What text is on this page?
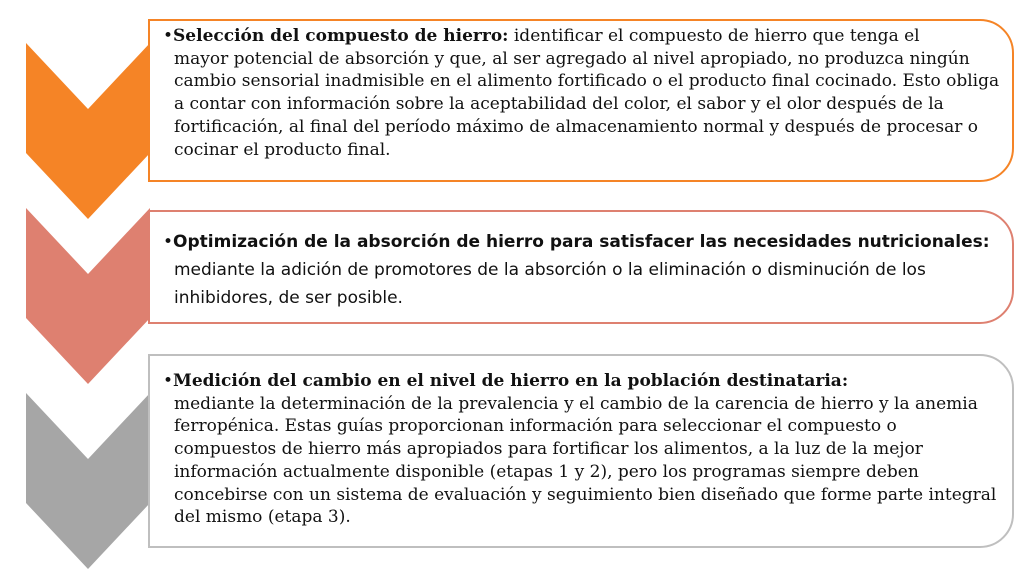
•Selección del compuesto de hierro: identificar el compuesto de hierro que tenga el
mayor potencial de absorción y que, al ser agregado al nivel apropiado, no produzca ningún cambio sensorial inadmisible en el alimento fortificado o el producto final cocinado. Esto obliga a contar con información sobre la aceptabilidad del color, el sabor y el olor después de la fortificación, al final del período máximo de almacenamiento normal y después de procesar o cocinar el producto final.

•Optimización de la absorción de hierro para satisfacer las necesidades nutricionales:
mediante la adición de promotores de la absorción o la eliminación o disminución de los inhibidores, de ser posible.

•Medición del cambio en el nivel de hierro en la población destinataria:
mediante la determinación de la prevalencia y el cambio de la carencia de hierro y la anemia ferropénica. Estas guías proporcionan información para seleccionar el compuesto o compuestos de hierro más apropiados para fortificar los alimentos, a la luz de la mejor información actualmente disponible (etapas 1 y 2), pero los programas siempre deben concebirse con un sistema de evaluación y seguimiento bien diseñado que forme parte integral del mismo (etapa 3).
